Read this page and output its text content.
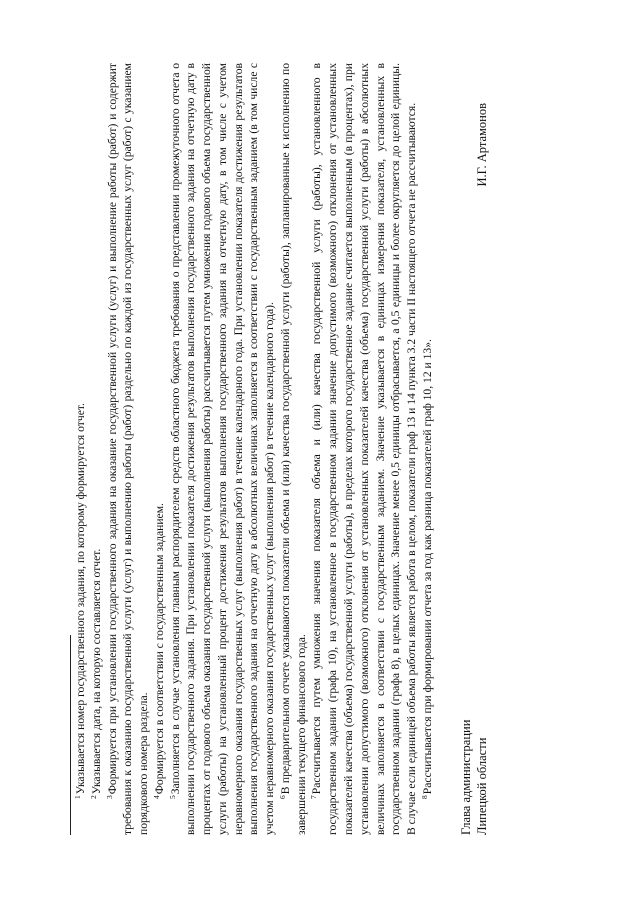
$^1$Указывается номер государственного задания, по которому формируется отчет.

$^2$Указывается дата, на которую составляется отчет.

$^3$Формируется при установлении государственного задания на оказание государственной услуги (услуг) и выполнение работы (работ) и содержит требования к оказанию государственной услуги (услуг) и выполнению работы (работ) раздельно по каждой из государственных услуг (работ) с указанием порядкового номера раздела. $^4$Формируется в соответствии с государственным заданием.

$^5$Заполняется в случае установления главным распорядителем средств областного бюджета требования о представлении промежуточного отчета о выполнении государственного задания. При установлении показателя достижения результатов выполнения государственного задания на отчетную дату в процентах от годового объема оказания государственной услуги (выполнения работы) рассчитывается путем умножения годового объема государственной услуги (работы) на установленный процент достижения результатов выполнения государственного задания на отчетную дату, в том числе с учетом неравномерного оказания государственных услуг (выполнения работ) в течение календарного года. При установлении показателя достижения результатов выполнения государственного задания на отчетную дату в абсолютных величинах заполняется в соответствии с государственным заданием (в том числе с учетом неравномерного оказания государственных услуг (выполнения работ) в течение календарного года). $^6$В предварительном отчете указываются показатели объема и (или) качества государственной услуги (работы), запланированные к исполнению по завершении текущего финансового года. $^7$Рассчитывается путем умножения значения показателя объема и (или) качества государственной услуги (работы), установленного в государственном задании (графа 10), на установленное в государственном задании значение допустимого (возможного) отклонения от установленных показателей качества (объема) государственной услуги (работы), в пределах которого государственное задание считается выполненным (в процентах), при установлении допустимого (возможного) отклонения от установленных показателей качества (объема) государственной услуги (работы) в абсолютных величинах заполняется в соответствии с государственным заданием. Значение указывается в единицах измерения показателя, установленных в государственном задании (графа 8), в целых единицах. Значение менее 0,5 единицы отбрасывается, а 0,5 единицы и более округляется до целой единицы. В случае если единицей объема работы является работа в целом, показатели граф 13 и 14 пункта 3.2 части II настоящего отчета не рассчитываются. $^8$Рассчитывается при формировании отчета за год как разница показателей граф 10, 12 и 13». Глава администрации Липецкой области
И.Г. Артамонов
